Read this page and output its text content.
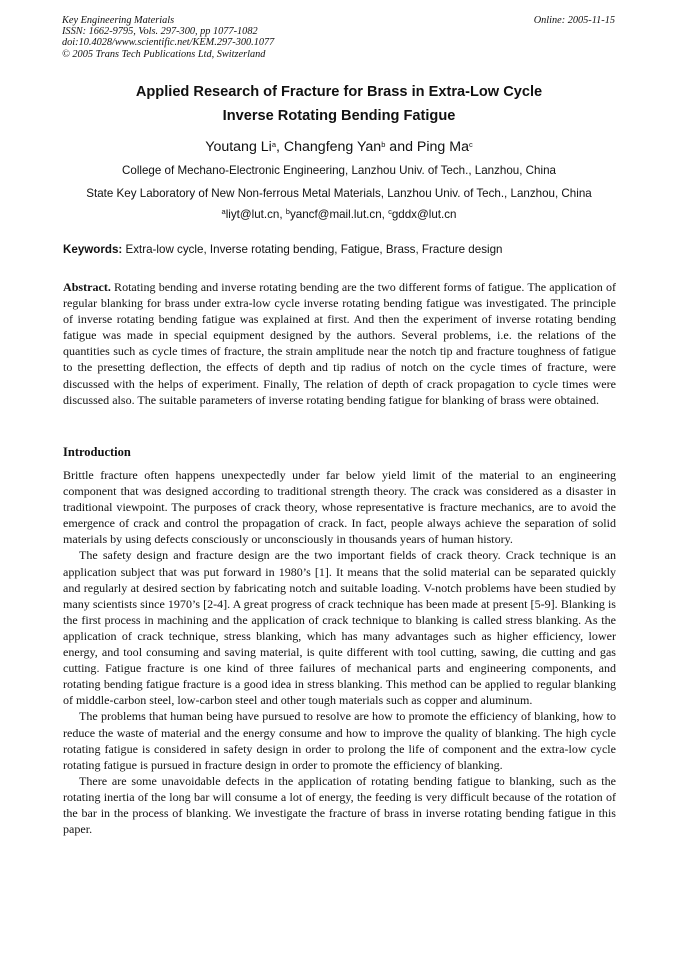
Key Engineering Materials
ISSN: 1662-9795, Vols. 297-300, pp 1077-1082
doi:10.4028/www.scientific.net/KEM.297-300.1077
© 2005 Trans Tech Publications Ltd, Switzerland
Online: 2005-11-15
Applied Research of Fracture for Brass in Extra-Low Cycle
Inverse Rotating Bending Fatigue
Youtang Li$^a$, Changfeng Yan$^b$ and Ping Ma$^c$
College of Mechano-Electronic Engineering, Lanzhou Univ. of Tech., Lanzhou, China
State Key Laboratory of New Non-ferrous Metal Materials, Lanzhou Univ. of Tech., Lanzhou, China
$^a$liyt@lut.cn, $^b$yancf@mail.lut.cn, $^c$gddx@lut.cn
Keywords: Extra-low cycle, Inverse rotating bending, Fatigue, Brass, Fracture design
Abstract. Rotating bending and inverse rotating bending are the two different forms of fatigue. The application of regular blanking for brass under extra-low cycle inverse rotating bending fatigue was investigated. The principle of inverse rotating bending fatigue was explained at first. And then the experiment of inverse rotating bending fatigue was made in special equipment designed by the authors. Several problems, i.e. the relations of the quantities such as cycle times of fracture, the strain amplitude near the notch tip and fracture toughness of fatigue to the presetting deflection, the effects of depth and tip radius of notch on the cycle times of fracture, were discussed with the helps of experiment. Finally, The relation of depth of crack propagation to cycle times were discussed also. The suitable parameters of inverse rotating bending fatigue for blanking of brass were obtained.
Introduction

Brittle fracture often happens unexpectedly under far below yield limit of the material to an engineering component that was designed according to traditional strength theory. The crack was considered as a disaster in traditional viewpoint. The purposes of crack theory, whose representative is fracture mechanics, are to avoid the emergence of crack and control the propagation of crack. In fact, people always achieve the separation of solid materials by using defects consciously or unconsciously in thousands years of human history.

The safety design and fracture design are the two important fields of crack theory. Crack technique is an application subject that was put forward in 1980’s [1]. It means that the solid material can be separated quickly and regularly at desired section by fabricating notch and suitable loading. V-notch problems have been studied by many scientists since 1970’s [2-4]. A great progress of crack technique has been made at present [5-9]. Blanking is the first process in machining and the application of crack technique to blanking is called stress blanking. As the application of crack technique, stress blanking, which has many advantages such as higher efficiency, lower energy, and tool consuming and saving material, is quite different with tool cutting, sawing, die cutting and gas cutting. Fatigue fracture is one kind of three failures of mechanical parts and engineering components, and rotating bending fatigue fracture is a good idea in stress blanking. This method can be applied to regular blanking of middle-carbon steel, low-carbon steel and other tough materials such as copper and aluminum.

The problems that human being have pursued to resolve are how to promote the efficiency of blanking, how to reduce the waste of material and the energy consume and how to improve the quality of blanking. The high cycle rotating fatigue is considered in safety design in order to prolong the life of component and the extra-low cycle rotating fatigue is pursued in fracture design in order to promote the efficiency of blanking.

There are some unavoidable defects in the application of rotating bending fatigue to blanking, such as the rotating inertia of the long bar will consume a lot of energy, the feeding is very difficult because of the rotation of the bar in the process of blanking. We investigate the fracture of brass in inverse rotating bending fatigue in this paper.
